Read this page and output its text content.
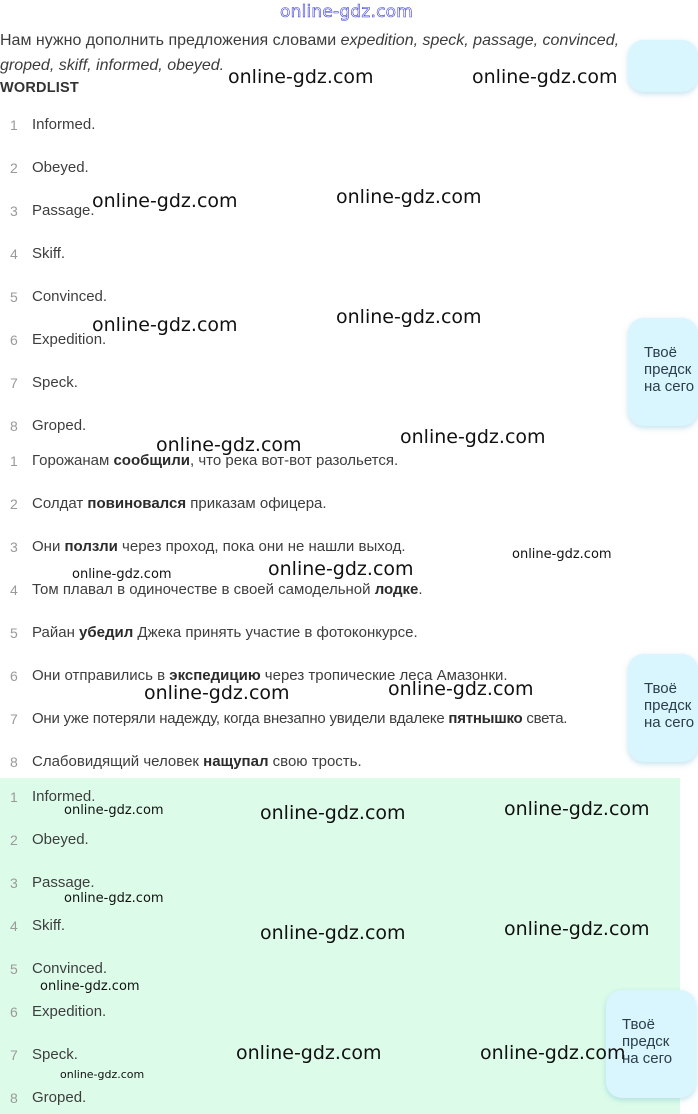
online-gdz.com
Нам нужно дополнить предложения словами expedition, speck, passage, convinced, groped, skiff, informed, obeyed.
WORDLIST
1 Informed.
2 Obeyed.
3 Passage.
4 Skiff.
5 Convinced.
6 Expedition.
7 Speck.
8 Groped.
1 Горожанам сообщили, что река вот-вот разольется.
2 Солдат повиновался приказам офицера.
3 Они ползли через проход, пока они не нашли выход.
4 Том плавал в одиночестве в своей самодельной лодке.
5 Райан убедил Джека принять участие в фотоконкурсе.
6 Они отправились в экспедицию через тропические леса Амазонки.
7 Они уже потеряли надежду, когда внезапно увидели вдалеке пятнышко света.
8 Слабовидящий человек нащупал свою трость.
1 Informed.
2 Obeyed.
3 Passage.
4 Skiff.
5 Convinced.
6 Expedition.
7 Speck.
8 Groped.
Твоё
предск
на сего
Твоё
предск
на сего
Твоё
предск
на сего
online-gdz.com	online-gdz.com
online-gdz.com	online-gdz.com
online-gdz.com	online-gdz.com
online-gdz.com	online-gdz.com
online-gdz.com
online-gdz.com	online-gdz.com
online-gdz.com	online-gdz.com
online-gdz.com	online-gdz.com
online-gdz.com
online-gdz.com
online-gdz.com	online-gdz.com
online-gdz.com
online-gdz.com	online-gdz.com
online-gdz.com
